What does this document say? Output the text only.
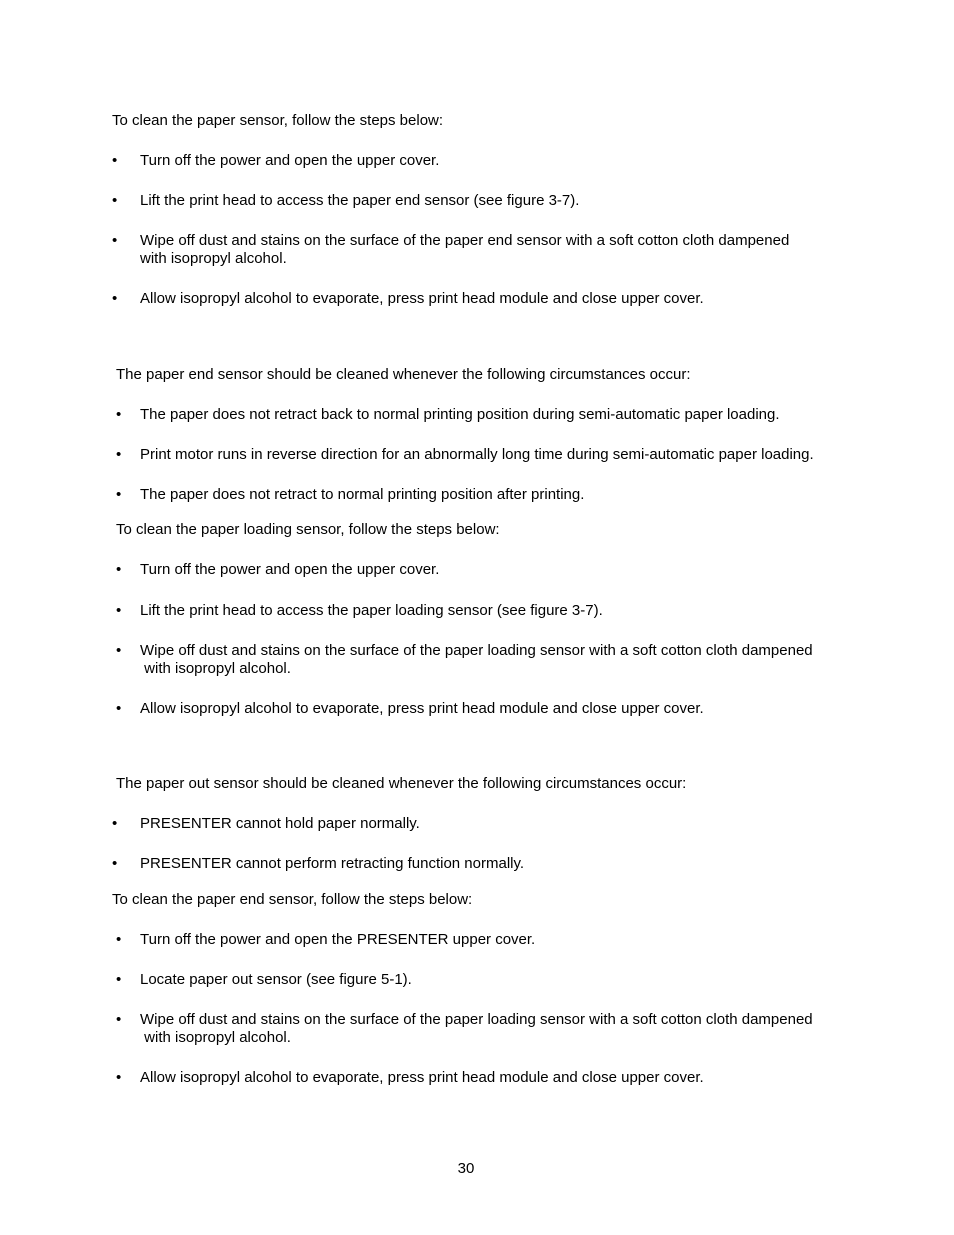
To clean the paper sensor, follow the steps below:
• Turn off the power and open the upper cover.
• Lift the print head to access the paper end sensor (see figure 3-7).
• Wipe off dust and stains on the surface of the paper end sensor with a soft cotton cloth dampened
with isopropyl alcohol.
• Allow isopropyl alcohol to evaporate, press print head module and close upper cover.
The paper end sensor should be cleaned whenever the following circumstances occur:
• The paper does not retract back to normal printing position during semi-automatic paper loading.
• Print motor runs in reverse direction for an abnormally long time during semi-automatic paper loading.
• The paper does not retract to normal printing position after printing.
To clean the paper loading sensor, follow the steps below:
• Turn off the power and open the upper cover.
• Lift the print head to access the paper loading sensor (see figure 3-7).
• Wipe off dust and stains on the surface of the paper loading sensor with a soft cotton cloth dampened
with isopropyl alcohol.
• Allow isopropyl alcohol to evaporate, press print head module and close upper cover.
The paper out sensor should be cleaned whenever the following circumstances occur:
• PRESENTER cannot hold paper normally.
• PRESENTER cannot perform retracting function normally.
To clean the paper end sensor, follow the steps below:
• Turn off the power and open the PRESENTER upper cover.
• Locate paper out sensor (see figure 5-1).
• Wipe off dust and stains on the surface of the paper loading sensor with a soft cotton cloth dampened
with isopropyl alcohol.
• Allow isopropyl alcohol to evaporate, press print head module and close upper cover.
30
